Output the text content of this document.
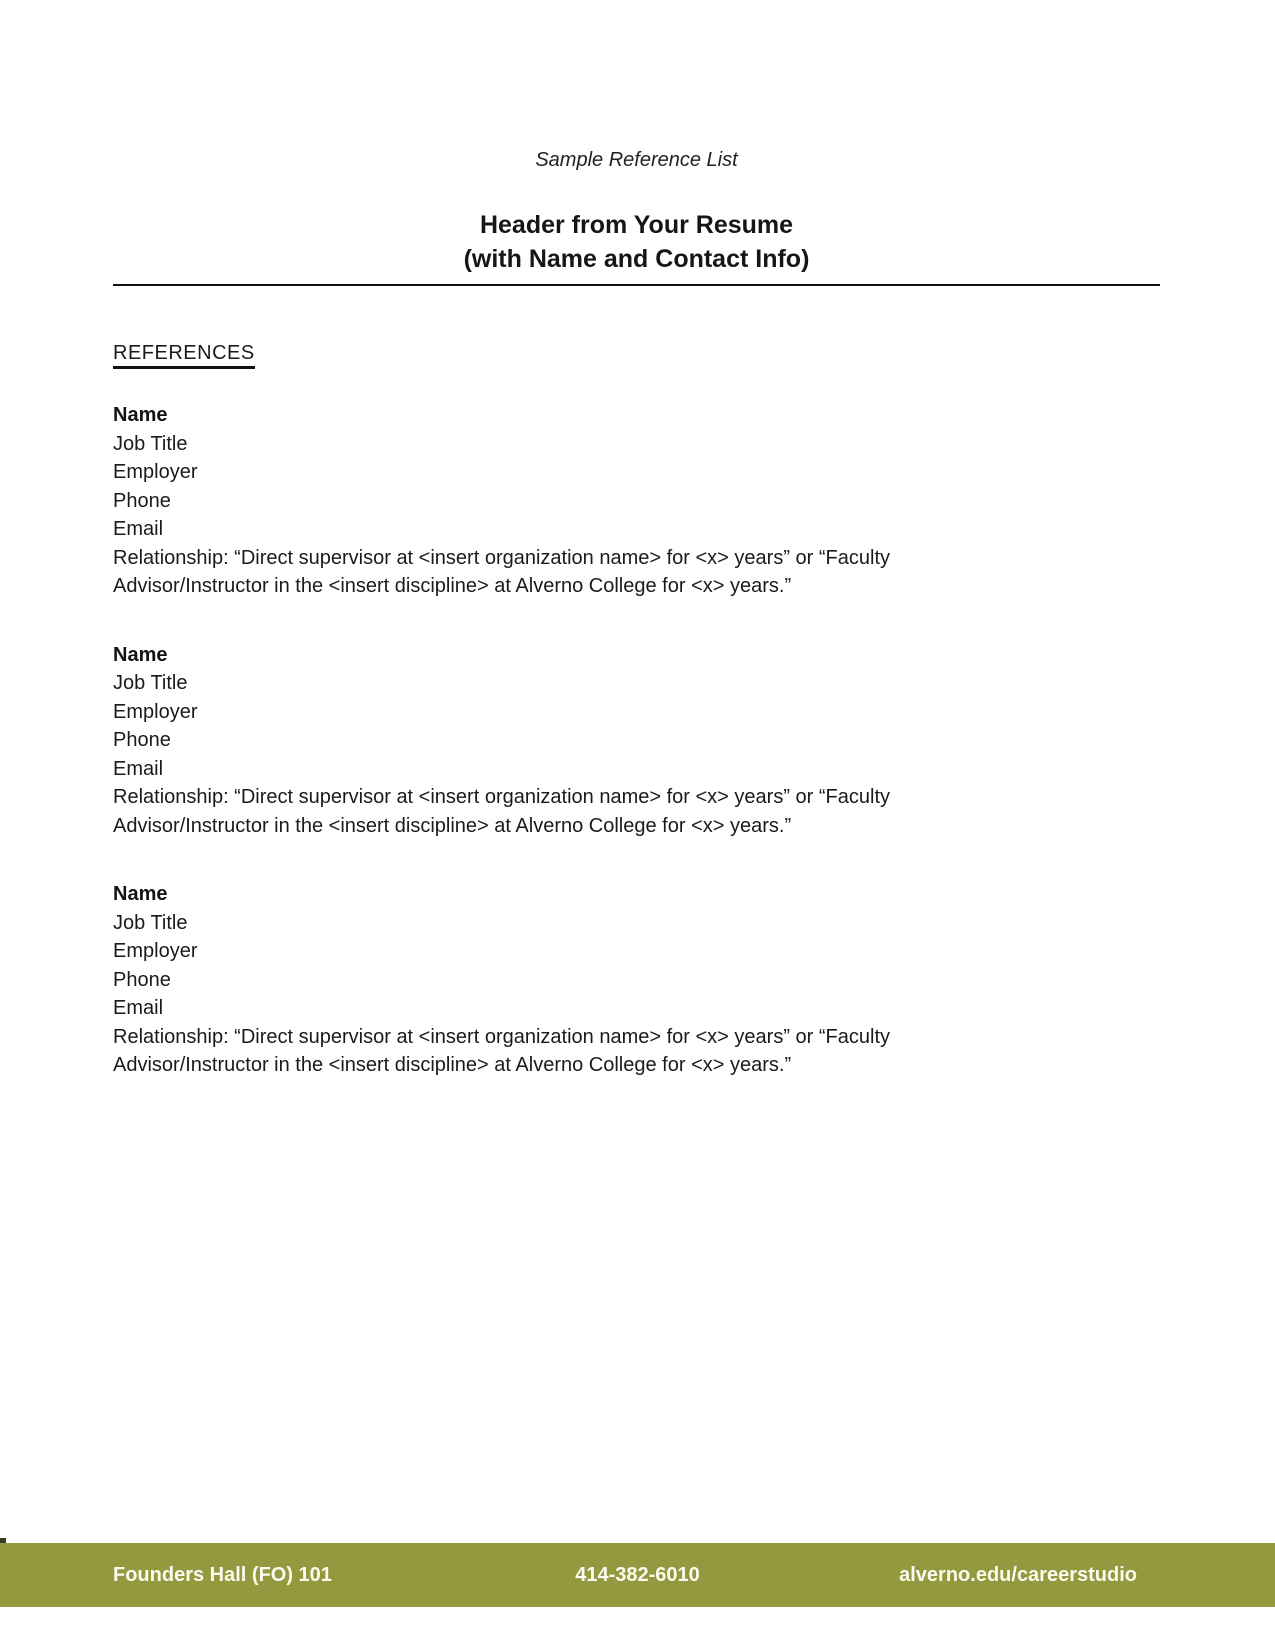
Sample Reference List
Header from Your Resume
(with Name and Contact Info)
REFERENCES
Name
Job Title
Employer
Phone
Email
Relationship: “Direct supervisor at <insert organization name> for <x> years” or “Faculty
Advisor/Instructor in the <insert discipline> at Alverno College for <x> years.”
Name
Job Title
Employer
Phone
Email
Relationship: “Direct supervisor at <insert organization name> for <x> years” or “Faculty
Advisor/Instructor in the <insert discipline> at Alverno College for <x> years.”
Name
Job Title
Employer
Phone
Email
Relationship: “Direct supervisor at <insert organization name> for <x> years” or “Faculty
Advisor/Instructor in the <insert discipline> at Alverno College for <x> years.”
Founders Hall (FO) 101	414-382-6010	alverno.edu/careerstudio
